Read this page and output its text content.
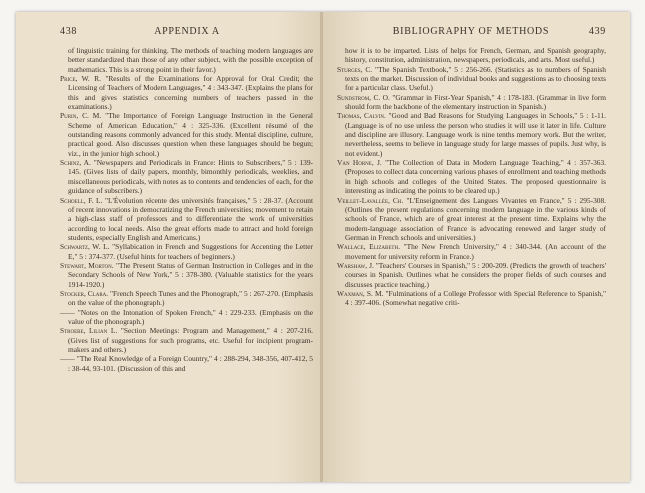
438	APPENDIX A
of linguistic training for thinking. The methods of teaching modern languages are better standardized than those of any other subject, with the possible exception of mathematics. This is a strong point in their favor.)
Price, W. R. "Results of the Examinations for Approval for Oral Credit; the Licensing of Teachers of Modern Languages," 4 : 343-347. (Explains the plans for this and gives statistics concerning numbers of teachers passed in the examinations.)
Purin, C. M. "The Importance of Foreign Language Instruction in the General Scheme of American Education," 4 : 325-336. (Excellent résumé of the outstanding reasons commonly advanced for this study. Mental discipline, culture, practical good. Also discusses question when these languages should be begun; viz., in the junior high school.)
Schinz, A. "Newspapers and Periodicals in France: Hints to Subscribers," 5 : 139-145. (Gives lists of daily papers, monthly, bimonthly periodicals, weeklies, and miscellaneous periodicals, with notes as to contents and tendencies of each, for the guidance of subscribers.)
Schoell, F. L. "L'Évolution récente des universités françaises," 5 : 28-37. (Account of recent innovations in democratizing the French universities; movement to retain a high-class staff of professors and to differentiate the work of universities according to local needs. Also the great efforts made to attract and hold foreign students, especially English and Americans.)
Schwartz, W. L. "Syllabication in French and Suggestions for Accenting the Letter E," 5 : 374-377. (Useful hints for teachers of beginners.)
Stewart, Morton. "The Present Status of German Instruction in Colleges and in the Secondary Schools of New York," 5 : 378-380. (Valuable statistics for the years 1914-1920.)
Stocker, Clara. "French Speech Tunes and the Phonograph," 5 : 267-270. (Emphasis on the value of the phonograph.)
—— "Notes on the Intonation of Spoken French," 4 : 229-233. (Emphasis on the value of the phonograph.)
Stroebe, Lilian L. "Section Meetings: Program and Management," 4 : 207-216. (Gives list of suggestions for such programs, etc. Useful for incipient program-makers and others.)
—— "The Real Knowledge of a Foreign Country," 4 : 288-294, 348-356, 407-412, 5 : 38-44, 93-101. (Discussion of this and
BIBLIOGRAPHY OF METHODS	439
how it is to be imparted. Lists of helps for French, German, and Spanish geography, history, constitution, administration, newspapers, periodicals, and arts. Most useful.)
Sturges, C. "The Spanish Textbook," 5 : 256-266. (Statistics as to numbers of Spanish texts on the market. Discussion of individual books and suggestions as to choosing texts for a particular class. Useful.)
Sundstrom, C. O. "Grammar in First-Year Spanish," 4 : 178-183. (Grammar in live form should form the backbone of the elementary instruction in Spanish.)
Thomas, Calvin. "Good and Bad Reasons for Studying Languages in Schools," 5 : 1-11. (Language is of no use unless the person who studies it will use it later in life. Culture and discipline are illusory. Language work is nine tenths memory work. But the writer, nevertheless, seems to believe in language study for large masses of pupils. Just why, is not evident.)
Van Horne, J. "The Collection of Data in Modern Language Teaching," 4 : 357-363. (Proposes to collect data concerning various phases of enrollment and teaching methods in high schools and colleges of the United States. The proposed questionnaire is interesting as indicating the points to be cleared up.)
Veillet-Lavallée, Ch. "L'Enseignement des Langues Vivantes en France," 5 : 295-308. (Outlines the present regulations concerning modern language in the various kinds of schools of France, which are of great interest at the present time. Explains why the modern-language association of France is advocating renewed and larger study of German in French schools and universities.)
Wallace, Elizabeth. "The New French University," 4 : 340-344. (An account of the movement for university reform in France.)
Warshaw, J. "Teachers' Courses in Spanish," 5 : 200-209. (Predicts the growth of teachers' courses in Spanish. Outlines what he considers the proper fields of such courses and discusses practice teaching.)
Waxman, S. M. "Fulminations of a College Professor with Special Reference to Spanish," 4 : 397-406. (Somewhat negative criti-
